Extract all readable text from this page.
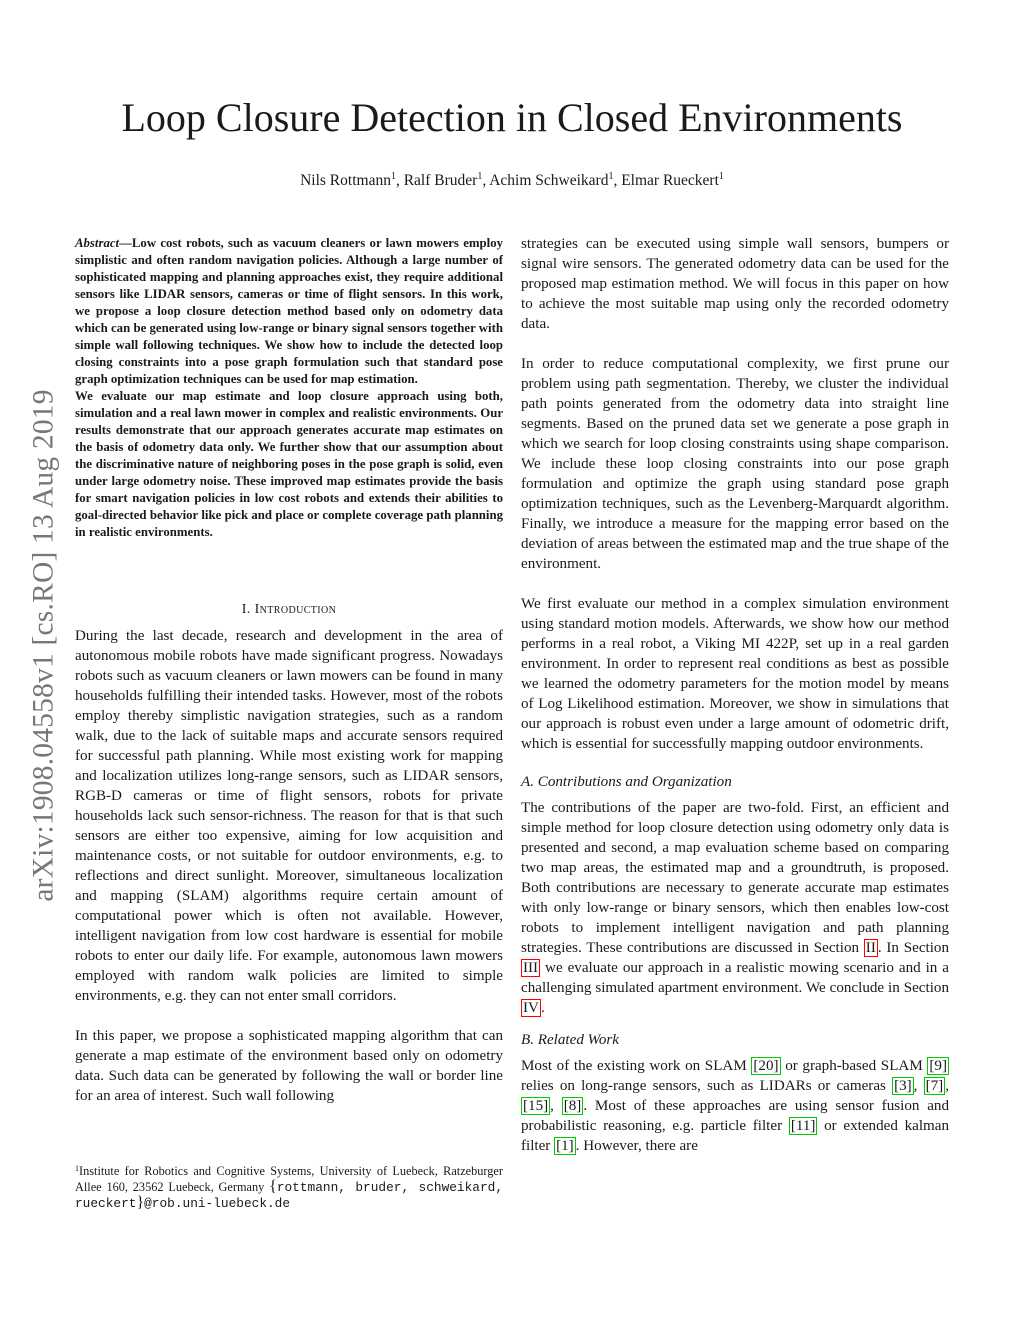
arXiv:1908.04558v1 [cs.RO] 13 Aug 2019
Loop Closure Detection in Closed Environments
Nils Rottmann$^1$, Ralf Bruder$^1$, Achim Schweikard$^1$, Elmar Rueckert$^1$

Abstract—Low cost robots, such as vacuum cleaners or lawn mowers employ simplistic and often random navigation policies. Although a large number of sophisticated mapping and planning approaches exist, they require additional sensors like LIDAR sensors, cameras or time of flight sensors. In this work, we propose a loop closure detection method based only on odometry data which can be generated using low-range or binary signal sensors together with simple wall following techniques. We show how to include the detected loop closing constraints into a pose graph formulation such that standard pose graph optimization techniques can be used for map estimation.

We evaluate our map estimate and loop closure approach using both, simulation and a real lawn mower in complex and realistic environments. Our results demonstrate that our approach generates accurate map estimates on the basis of odometry data only. We further show that our assumption about the discriminative nature of neighboring poses in the pose graph is solid, even under large odometry noise. These improved map estimates provide the basis for smart navigation policies in low cost robots and extends their abilities to goal-directed behavior like pick and place or complete coverage path planning in realistic environments.

I. Introduction

During the last decade, research and development in the area of autonomous mobile robots have made significant progress. Nowadays robots such as vacuum cleaners or lawn mowers can be found in many households fulfilling their intended tasks. However, most of the robots employ thereby simplistic navigation strategies, such as a random walk, due to the lack of suitable maps and accurate sensors required for successful path planning. While most existing work for mapping and localization utilizes long-range sensors, such as LIDAR sensors, RGB-D cameras or time of flight sensors, robots for private households lack such sensor-richness. The reason for that is that such sensors are either too expensive, aiming for low acquisition and maintenance costs, or not suitable for outdoor environments, e.g. to reflections and direct sunlight. Moreover, simultaneous localization and mapping (SLAM) algorithms require certain amount of computational power which is often not available. However, intelligent navigation from low cost hardware is essential for mobile robots to enter our daily life. For example, autonomous lawn mowers employed with random walk policies are limited to simple environments, e.g. they can not enter small corridors.

In this paper, we propose a sophisticated mapping algorithm that can generate a map estimate of the environment based only on odometry data. Such data can be generated by following the wall or border line for an area of interest. Such wall following

strategies can be executed using simple wall sensors, bumpers or signal wire sensors. The generated odometry data can be used for the proposed map estimation method. We will focus in this paper on how to achieve the most suitable map using only the recorded odometry data.

In order to reduce computational complexity, we first prune our problem using path segmentation. Thereby, we cluster the individual path points generated from the odometry data into straight line segments. Based on the pruned data set we generate a pose graph in which we search for loop closing constraints using shape comparison. We include these loop closing constraints into our pose graph formulation and optimize the graph using standard pose graph optimization techniques, such as the Levenberg-Marquardt algorithm. Finally, we introduce a measure for the mapping error based on the deviation of areas between the estimated map and the true shape of the environment.

We first evaluate our method in a complex simulation environment using standard motion models. Afterwards, we show how our method performs in a real robot, a Viking MI 422P, set up in a real garden environment. In order to represent real conditions as best as possible we learned the odometry parameters for the motion model by means of Log Likelihood estimation. Moreover, we show in simulations that our approach is robust even under a large amount of odometric drift, which is essential for successfully mapping outdoor environments.

A. Contributions and Organization

The contributions of the paper are two-fold. First, an efficient and simple method for loop closure detection using odometry only data is presented and second, a map evaluation scheme based on comparing two map areas, the estimated map and a groundtruth, is proposed. Both contributions are necessary to generate accurate map estimates with only low-range or binary sensors, which then enables low-cost robots to implement intelligent navigation and path planning strategies. These contributions are discussed in Section II . In Section III we evaluate our approach in a realistic mowing scenario and in a challenging simulated apartment environment. We conclude in Section IV .

B. Related Work

Most of the existing work on SLAM [20] or graph-based SLAM [9] relies on long-range sensors, such as LIDARs or cameras [3] , [7] , [15] , [8] . Most of these approaches are using sensor fusion and probabilistic reasoning, e.g. particle filter [11] or extended kalman filter [1] . However, there are

$^1$Institute for Robotics and Cognitive Systems, University of Luebeck, Ratzeburger Allee 160, 23562 Luebeck, Germany {rottmann, bruder, schweikard, rueckert}@rob.uni-luebeck.de
